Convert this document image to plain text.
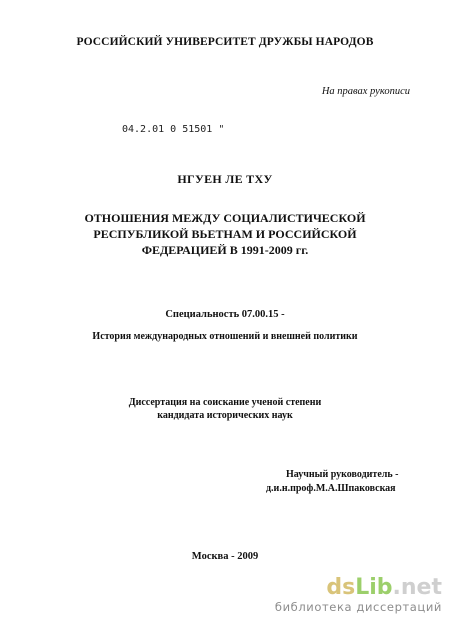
РОССИЙСКИЙ УНИВЕРСИТЕТ ДРУЖБЫ НАРОДОВ
На правах рукописи
04.2.01 0 51501 "
НГУЕН ЛЕ ТХУ
ОТНОШЕНИЯ МЕЖДУ СОЦИАЛИСТИЧЕСКОЙ
РЕСПУБЛИКОЙ ВЬЕТНАМ И РОССИЙСКОЙ
ФЕДЕРАЦИЕЙ В 1991-2009 гг.
Специальность 07.00.15 -
История международных отношений и внешней политики
Диссертация на соискание ученой степени
кандидата исторических наук
Научный руководитель -
д.и.н.проф.М.А.Шпаковская
Москва - 2009
dsLib.net
библиотека диссертаций
